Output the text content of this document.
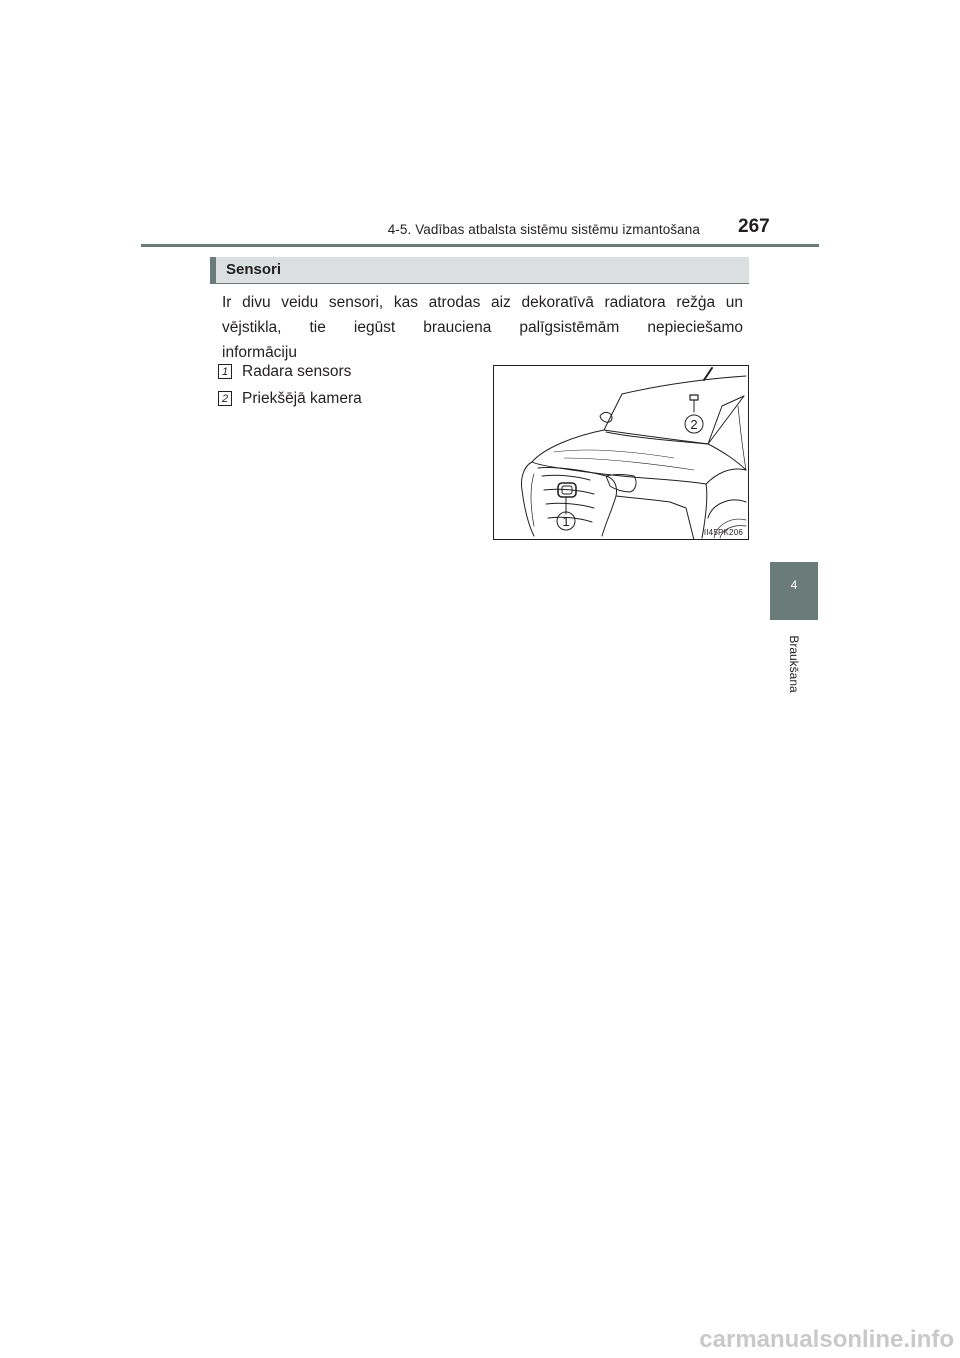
4-5. Vadības atbalsta sistēmu sistēmu izmantošana 267
Sensori

Ir divu veidu sensori, kas atrodas aiz dekoratīvā radiatora režģa un
vējstikla, tie iegūst brauciena palīgsistēmām nepieciešamo
informāciju

1 Radara sensors
2 Priekšējā kamera
2
1
II45PK206
4
Braukšana
carmanualsonline.info
